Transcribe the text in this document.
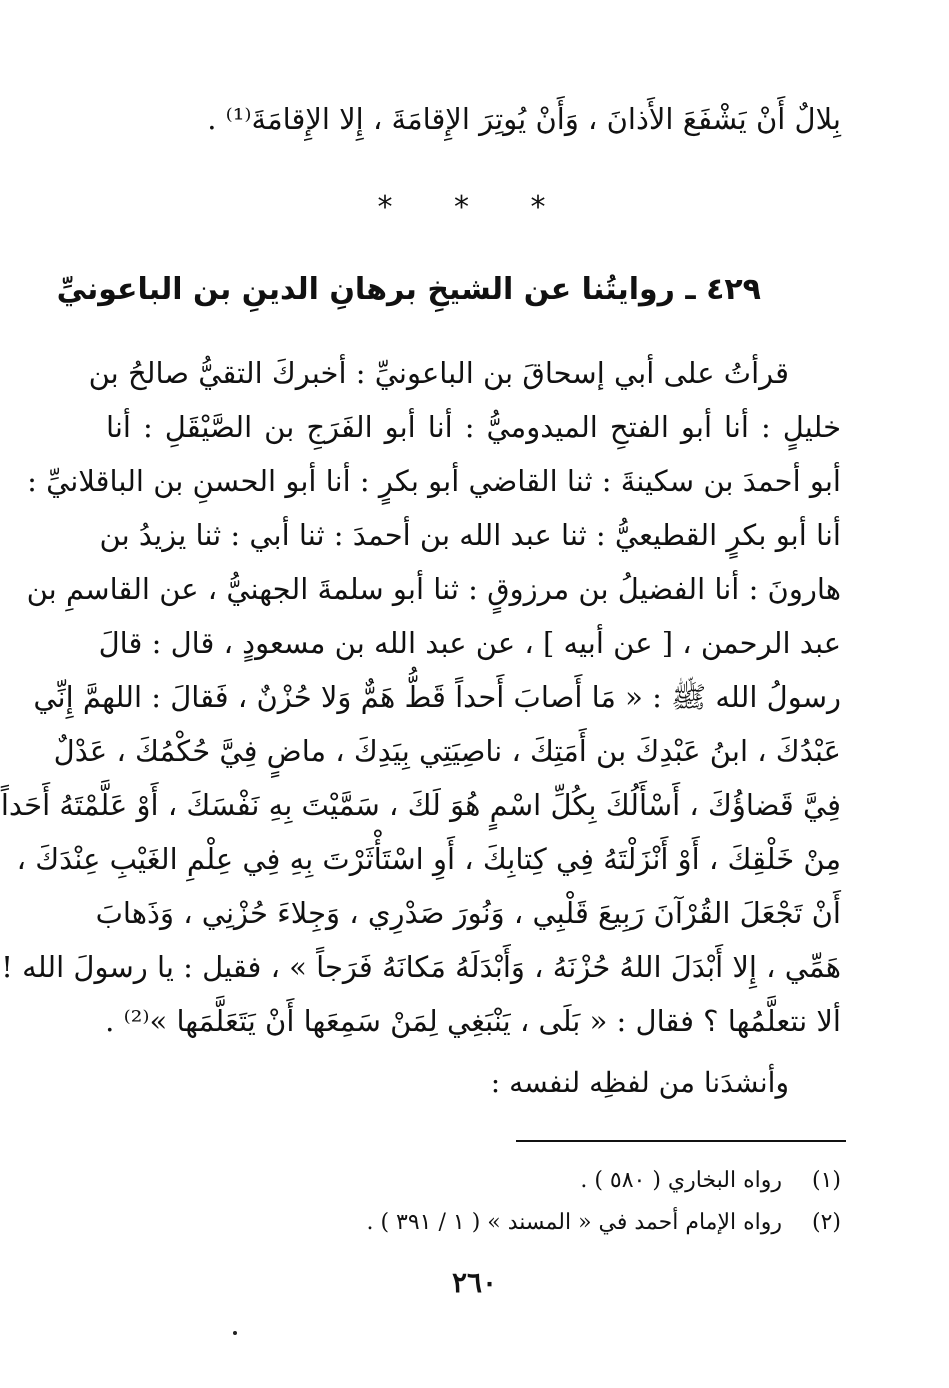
بِلالٌ أَنْ يَشْفَعَ الأَذانَ ، وَأَنْ يُوتِرَ الإِقامَةَ ، إِلا الإِقامَةَ⁽¹⁾ .
* * *
٤٢٩ ـ روايتُنا عن الشيخِ برهانِ الدينِ بن الباعونيِّ
قرأتُ على أبي إسحاقَ بن الباعونيِّ : أخبركَ التقيُّ صالحُ بن
خليلٍ : أنا أبو الفتحِ الميدوميُّ : أنا أبو الفَرَجِ بن الصَّيْقَلِ : أنا
أبو أحمدَ بن سكينةَ : ثنا القاضي أبو بكرٍ : أنا أبو الحسنِ بن الباقلانيِّ :
أنا أبو بكرٍ القطيعيُّ : ثنا عبد الله بن أحمدَ : ثنا أبي : ثنا يزيدُ بن
هارونَ : أنا الفضيلُ بن مرزوقٍ : ثنا أبو سلمةَ الجهنيُّ ، عن القاسمِ بن
عبد الرحمن ، [ عن أبيه ] ، عن عبد الله بن مسعودٍ ، قال : قالَ
رسولُ الله ﷺ : « مَا أَصابَ أَحداً قَطُّ هَمٌّ وَلا حُزْنٌ ، فَقالَ : اللهمَّ إِنِّي
عَبْدُكَ ، ابنُ عَبْدِكَ بن أَمَتِكَ ، ناصِيَتِي بِيَدِكَ ، ماضٍ فِيَّ حُكْمُكَ ، عَدْلٌ
فِيَّ قَضاؤُكَ ، أَسْأَلُكَ بِكُلِّ اسْمٍ هُوَ لَكَ ، سَمَّيْتَ بِهِ نَفْسَكَ ، أَوْ عَلَّمْتَهُ أَحَداً
مِنْ خَلْقِكَ ، أَوْ أَنْزَلْتَهُ فِي كِتابِكَ ، أَوِ اسْتَأْثَرْتَ بِهِ فِي عِلْمِ الغَيْبِ عِنْدَكَ ،
أَنْ تَجْعَلَ القُرْآنَ رَبِيعَ قَلْبِي ، وَنُورَ صَدْرِي ، وَجِلاءَ حُزْنِي ، وَذَهابَ
هَمِّي ، إِلا أَبْدَلَ اللهُ حُزْنَهُ ، وَأَبْدَلَهُ مَكانَهُ فَرَجاً » ، فقيل : يا رسولَ الله !
ألا نتعلَّمُها ؟ فقال : « بَلَى ، يَنْبَغِي لِمَنْ سَمِعَها أَنْ يَتَعَلَّمَها »⁽²⁾ .
وأنشدَنا من لفظِه لنفسه :
(١) رواه البخاري ( ٥٨٠ ) .
(٢) رواه الإمام أحمد في « المسند » ( ١ / ٣٩١ ) .
٢٦٠
